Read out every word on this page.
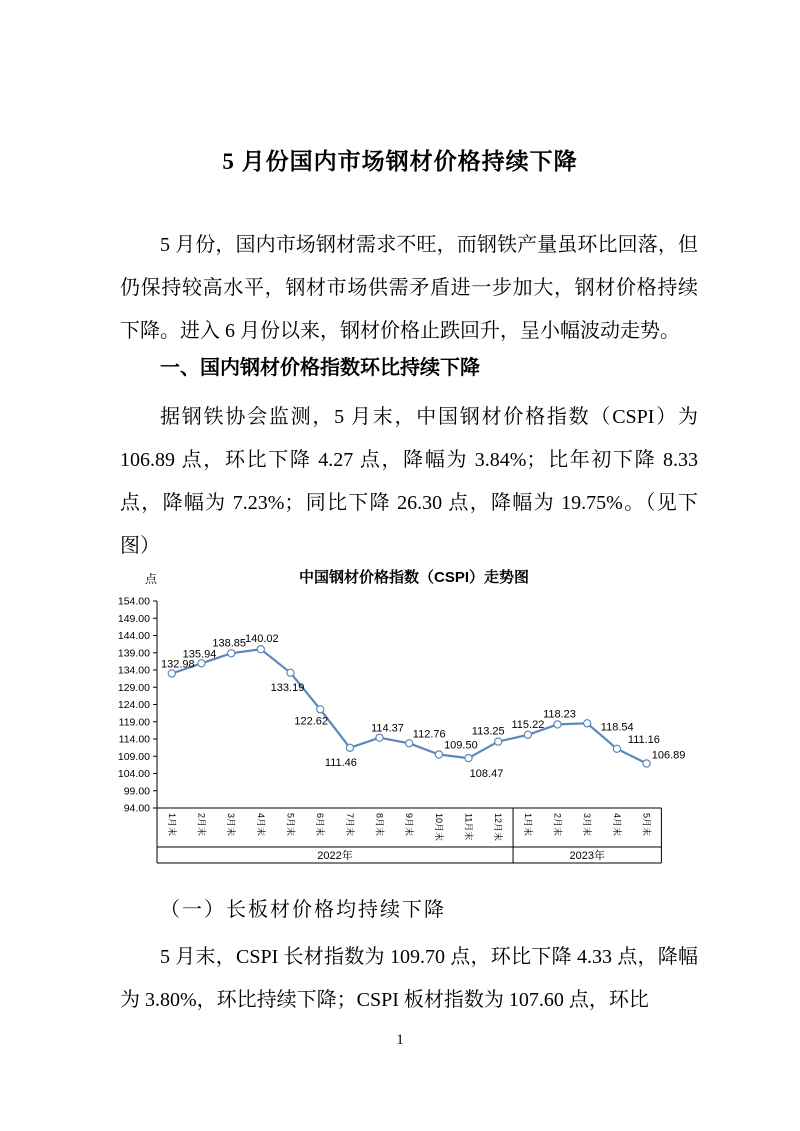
5 月份国内市场钢材价格持续下降
5 月份，国内市场钢材需求不旺，而钢铁产量虽环比回落，但仍保持较高水平，钢材市场供需矛盾进一步加大，钢材价格持续下降。进入 6 月份以来，钢材价格止跌回升，呈小幅波动走势。
一、国内钢材价格指数环比持续下降
据钢铁协会监测，5 月末，中国钢材价格指数（CSPI）为 106.89 点，环比下降 4.27 点，降幅为 3.84%；比年初下降 8.33 点，降幅为 7.23%；同比下降 26.30 点，降幅为 19.75%。（见下图）
154.00
149.00
144.00
139.00
134.00
129.00
124.00
119.00
114.00
109.00
104.00
99.00
94.00
2022年	2023年
1月末 2月末 3月末 4月末 5月末 6月末 7月末 8月末 9月末 10月末 11月末 12月末 1月末 2月末 3月末 4月末 5月末
132.98
135.94
138.85
140.02
133.19
122.62
111.46
114.37 112.76
109.50
108.47
113.25
115.22
118.23
118.54
111.16
106.89
中国钢材价格指数（CSPI）走势图
点
（一）长板材价格均持续下降
5 月末，CSPI 长材指数为 109.70 点，环比下降 4.33 点，降幅为 3.80%，环比持续下降；CSPI 板材指数为 107.60 点，环比
1
